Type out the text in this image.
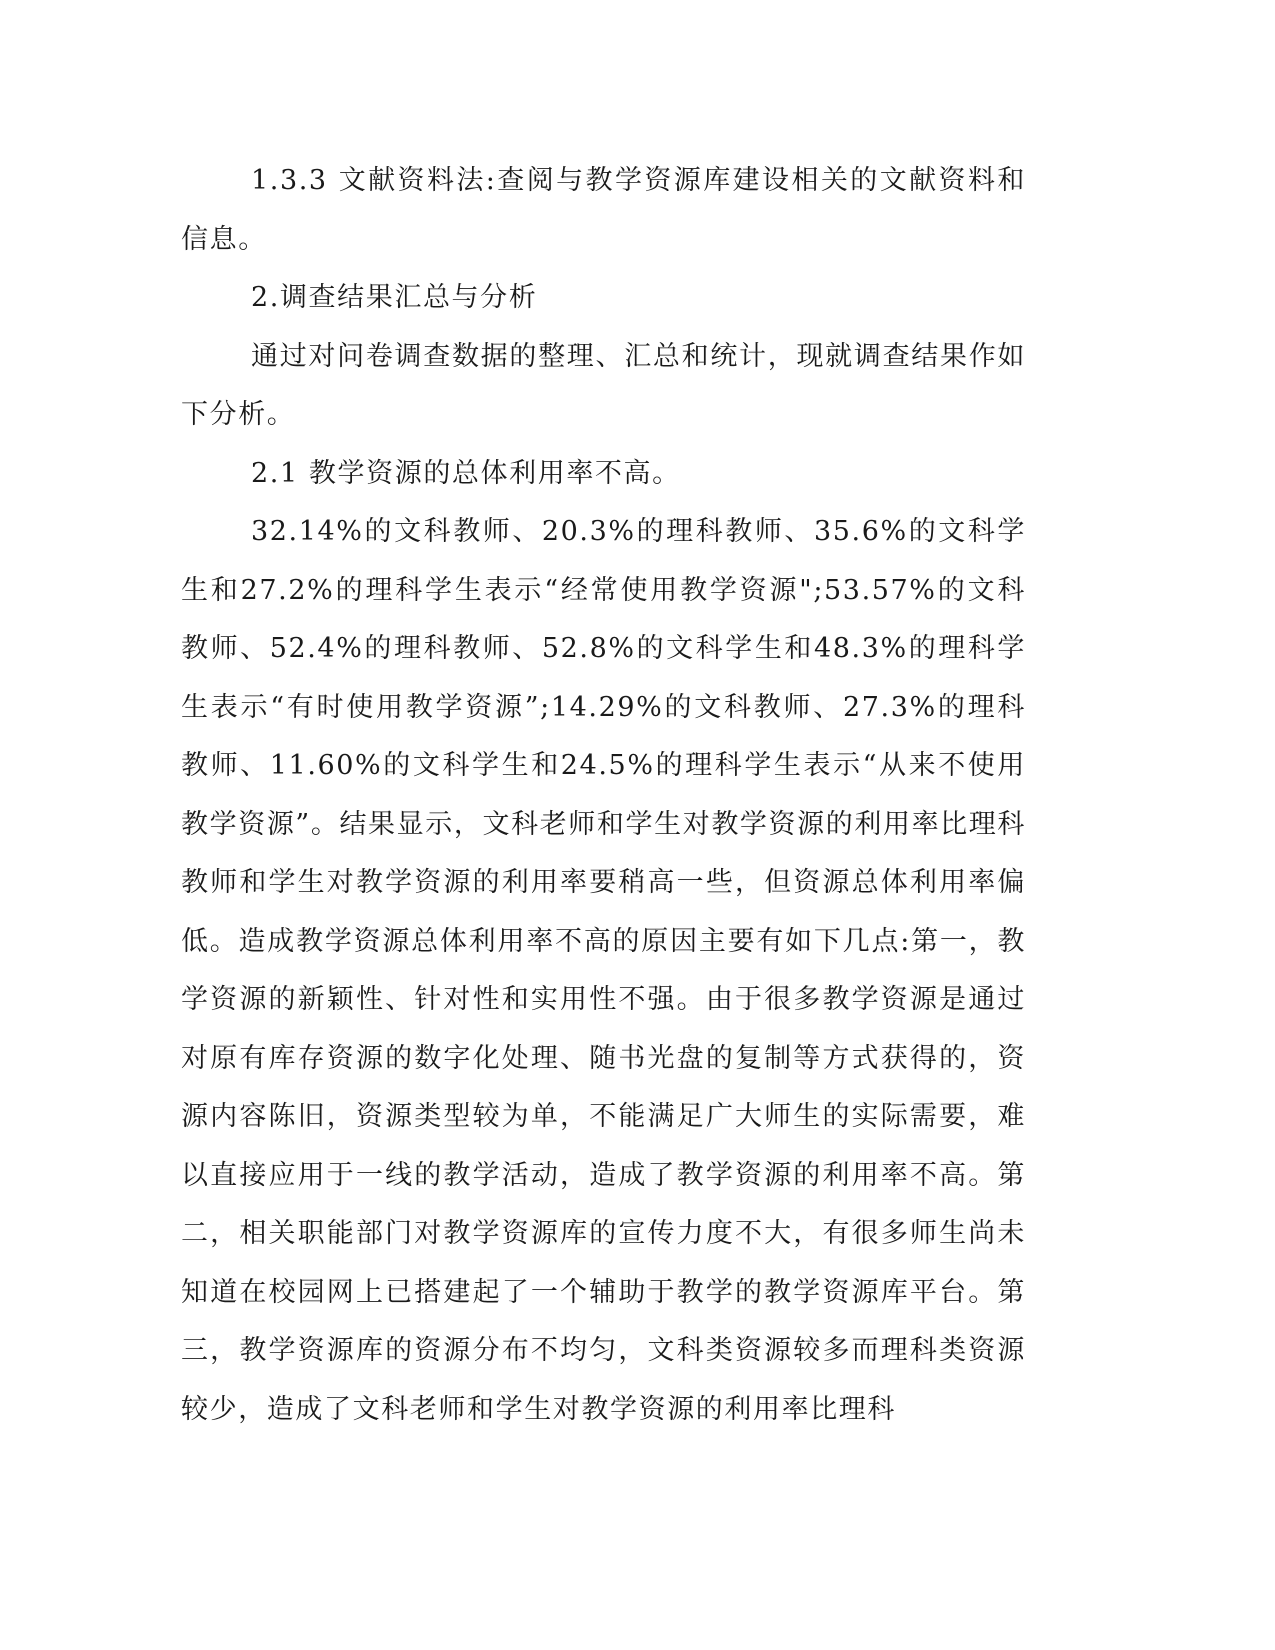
1.3.3 文献资料法:查阅与教学资源库建设相关的文献资料和信息。

2.调查结果汇总与分析

通过对问卷调查数据的整理、汇总和统计，现就调查结果作如下分析。

2.1 教学资源的总体利用率不高。

32.14%的文科教师、20.3%的理科教师、35.6%的文科学生和27.2%的理科学生表示“经常使用教学资源";53.57%的文科教师、52.4%的理科教师、52.8%的文科学生和48.3%的理科学生表示“有时使用教学资源”;14.29%的文科教师、27.3%的理科教师、11.60%的文科学生和24.5%的理科学生表示“从来不使用教学资源”。结果显示，文科老师和学生对教学资源的利用率比理科教师和学生对教学资源的利用率要稍高一些，但资源总体利用率偏低。造成教学资源总体利用率不高的原因主要有如下几点:第一，教学资源的新颖性、针对性和实用性不强。由于很多教学资源是通过对原有库存资源的数字化处理、随书光盘的复制等方式获得的，资源内容陈旧，资源类型较为单，不能满足广大师生的实际需要，难以直接应用于一线的教学活动，造成了教学资源的利用率不高。第二，相关职能部门对教学资源库的宣传力度不大，有很多师生尚未知道在校园网上已搭建起了一个辅助于教学的教学资源库平台。第三，教学资源库的资源分布不均匀，文科类资源较多而理科类资源较少，造成了文科老师和学生对教学资源的利用率比理科
